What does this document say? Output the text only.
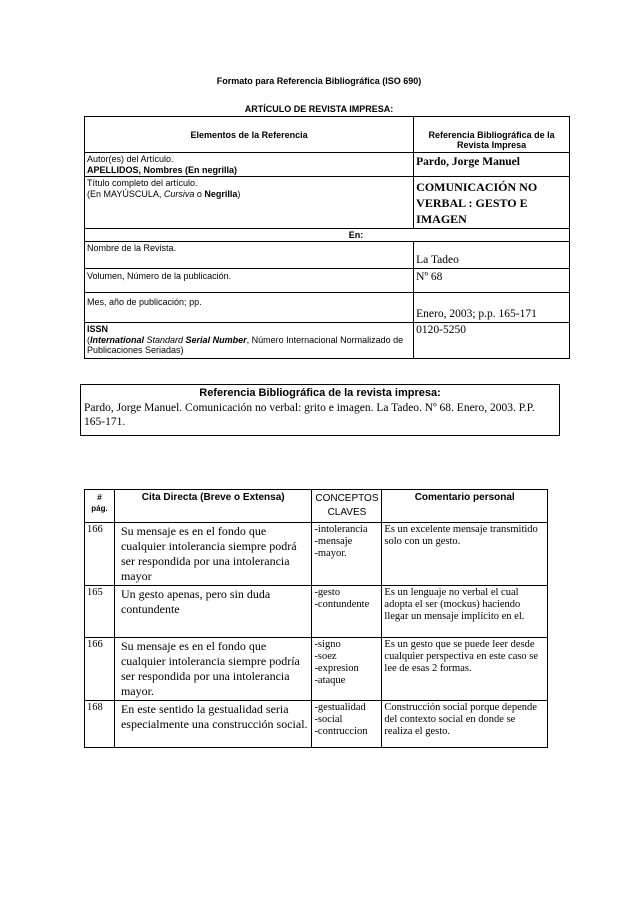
Formato para Referencia Bibliográfica (ISO 690)
ARTÍCULO DE REVISTA IMPRESA:
Elementos de la Referencia	Referencia Bibliográfica de la Revista Impresa

Autor(es) del Artículo.
APELLIDOS, Nombres (En negrilla)	Pardo, Jorge Manuel

Título completo del artículo.
(En MAYÚSCULA, Cursiva o Negrilla)	COMUNICACIÓN NO VERBAL : GESTO E IMAGEN
En:	
Nombre de la Revista.	La Tadeo
Volumen, Número de la publicación.	Nº 68
Mes, año de publicación; pp.	Enero, 2003; p.p. 165-171

ISSN
(International Standard Serial Number, Número Internacional Normalizado de Publicaciones Seriadas)	0120-5250
Referencia Bibliográfica de la revista impresa:
Pardo, Jorge Manuel. Comunicación no verbal: grito e imagen. La Tadeo. Nº 68. Enero, 2003. P.P. 165-171.
#
pág.	Cita Directa (Breve o Extensa)	CONCEPTOS CLAVES	Comentario personal
166	Su mensaje es en el fondo que cualquier intolerancia siempre podrá ser respondida por una intolerancia mayor	-intolerancia
-mensaje
-mayor.	Es un excelente mensaje transmitido solo con un gesto.
165	Un gesto apenas, pero sin duda contundente	-gesto
-contundente	Es un lenguaje no verbal el cual adopta el ser (mockus) haciendo llegar un mensaje implícito en el.
166	Su mensaje es en el fondo que cualquier intolerancia siempre podría ser respondida por una intolerancia mayor.	-signo
-soez
-expresion
-ataque	Es un gesto que se puede leer desde cualquier perspectiva en este caso se lee de esas 2 formas.
168	En este sentido la gestualidad seria especialmente una construcción social.	-gestualidad
-social
-contruccion	Construcción social porque depende del contexto social en donde se realiza el gesto.
